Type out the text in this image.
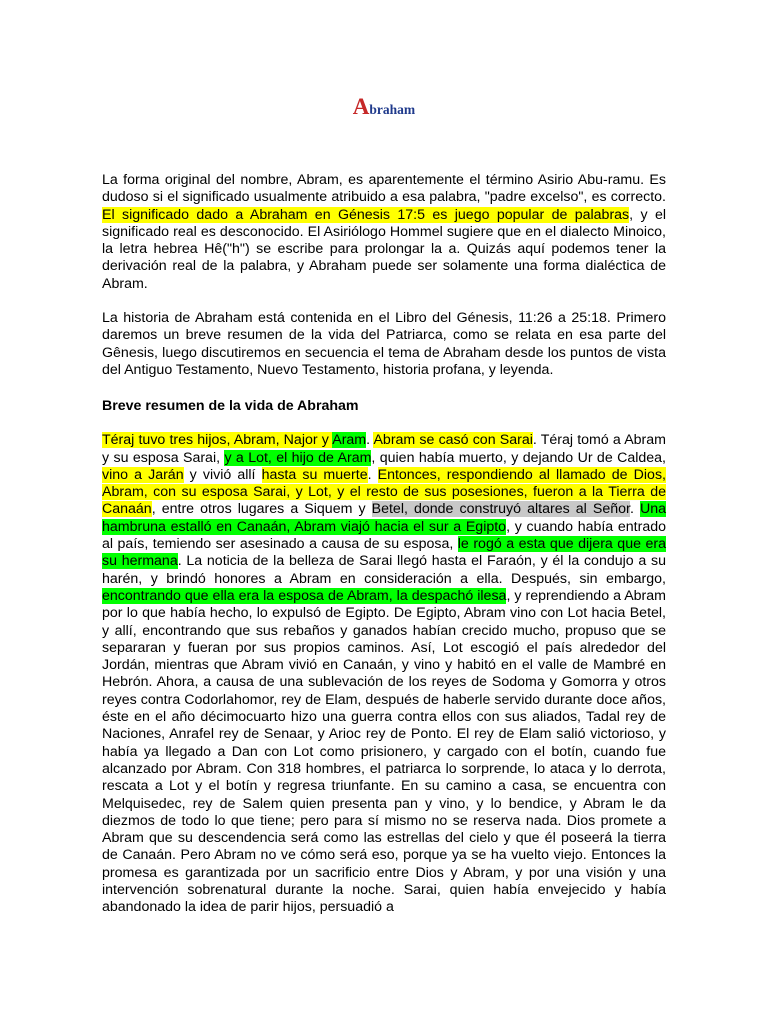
Abraham

La forma original del nombre, Abram, es aparentemente el término Asirio Abu-ramu. Es dudoso si el significado usualmente atribuido a esa palabra, "padre excelso", es correcto. El significado dado a Abraham en Génesis 17:5 es juego popular de palabras, y el significado real es desconocido. El Asiriólogo Hommel sugiere que en el dialecto Minoico, la letra hebrea Hê("h") se escribe para prolongar la a. Quizás aquí podemos tener la derivación real de la palabra, y Abraham puede ser solamente una forma dialéctica de Abram.

La historia de Abraham está contenida en el Libro del Génesis, 11:26 a 25:18. Primero daremos un breve resumen de la vida del Patriarca, como se relata en esa parte del Gênesis, luego discutiremos en secuencia el tema de Abraham desde los puntos de vista del Antiguo Testamento, Nuevo Testamento, historia profana, y leyenda.

Breve resumen de la vida de Abraham

Téraj tuvo tres hijos, Abram, Najor y Aram. Abram se casó con Sarai. Téraj tomó a Abram y su esposa Sarai, y a Lot, el hijo de Aram, quien había muerto, y dejando Ur de Caldea, vino a Jarán y vivió allí hasta su muerte. Entonces, respondiendo al llamado de Dios, Abram, con su esposa Sarai, y Lot, y el resto de sus posesiones, fueron a la Tierra de Canaán, entre otros lugares a Siquem y Betel, donde construyó altares al Señor. Una hambruna estalló en Canaán, Abram viajó hacia el sur a Egipto, y cuando había entrado al país, temiendo ser asesinado a causa de su esposa, le rogó a esta que dijera que era su hermana. La noticia de la belleza de Sarai llegó hasta el Faraón, y él la condujo a su harén, y brindó honores a Abram en consideración a ella. Después, sin embargo, encontrando que ella era la esposa de Abram, la despachó ilesa, y reprendiendo a Abram por lo que había hecho, lo expulsó de Egipto. De Egipto, Abram vino con Lot hacia Betel, y allí, encontrando que sus rebaños y ganados habían crecido mucho, propuso que se separaran y fueran por sus propios caminos. Así, Lot escogió el país alrededor del Jordán, mientras que Abram vivió en Canaán, y vino y habitó en el valle de Mambré en Hebrón. Ahora, a causa de una sublevación de los reyes de Sodoma y Gomorra y otros reyes contra Codorlahomor, rey de Elam, después de haberle servido durante doce años, éste en el año décimocuarto hizo una guerra contra ellos con sus aliados, Tadal rey de Naciones, Anrafel rey de Senaar, y Arioc rey de Ponto. El rey de Elam salió victorioso, y había ya llegado a Dan con Lot como prisionero, y cargado con el botín, cuando fue alcanzado por Abram. Con 318 hombres, el patriarca lo sorprende, lo ataca y lo derrota, rescata a Lot y el botín y regresa triunfante. En su camino a casa, se encuentra con Melquisedec, rey de Salem quien presenta pan y vino, y lo bendice, y Abram le da diezmos de todo lo que tiene; pero para sí mismo no se reserva nada. Dios promete a Abram que su descendencia será como las estrellas del cielo y que él poseerá la tierra de Canaán. Pero Abram no ve cómo será eso, porque ya se ha vuelto viejo. Entonces la promesa es garantizada por un sacrificio entre Dios y Abram, y por una visión y una intervención sobrenatural durante la noche. Sarai, quien había envejecido y había abandonado la idea de parir hijos, persuadió a
